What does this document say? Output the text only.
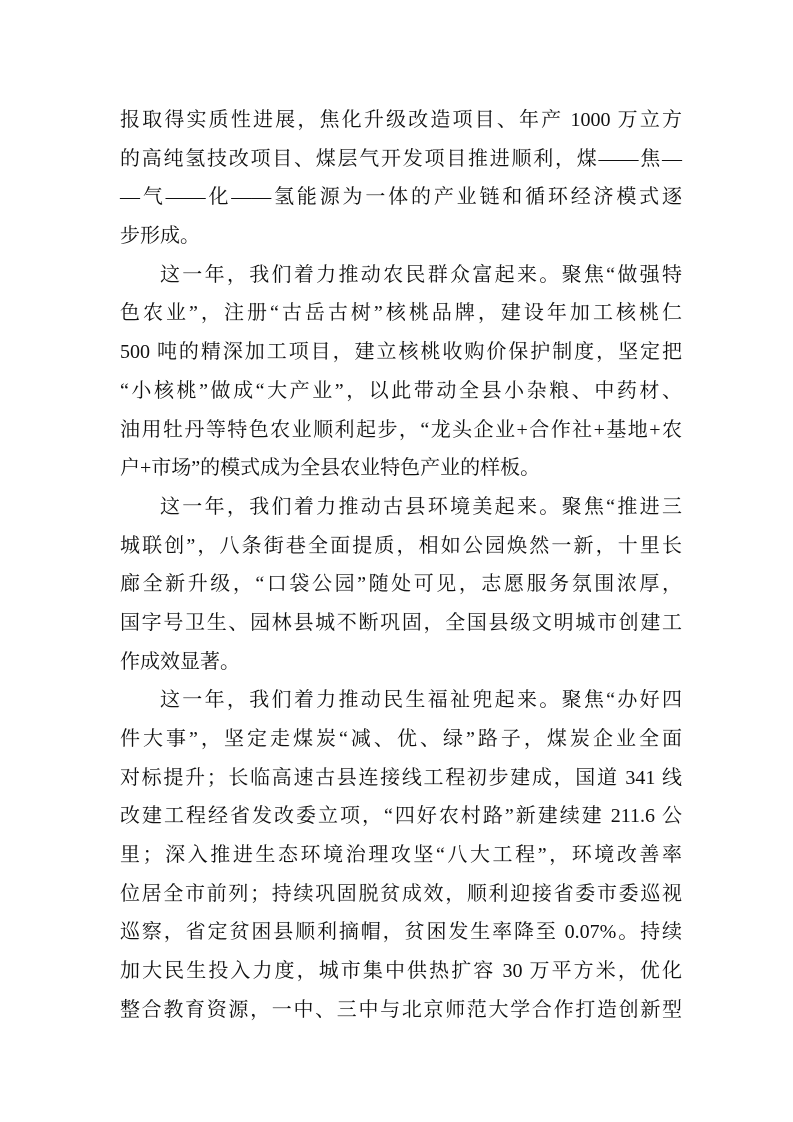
报取得实质性进展，焦化升级改造项目、年产 1000 万立方
的高纯氢技改项目、煤层气开发项目推进顺利，煤——焦—
—气——化——氢能源为一体的产业链和循环经济模式逐
步形成。
这一年，我们着力推动农民群众富起来。聚焦“做强特
色农业”，注册“古岳古树”核桃品牌，建设年加工核桃仁
500 吨的精深加工项目，建立核桃收购价保护制度，坚定把
“小核桃”做成“大产业”，以此带动全县小杂粮、中药材、
油用牡丹等特色农业顺利起步，“龙头企业+合作社+基地+农
户+市场”的模式成为全县农业特色产业的样板。
这一年，我们着力推动古县环境美起来。聚焦“推进三
城联创”，八条街巷全面提质，相如公园焕然一新，十里长
廊全新升级，“口袋公园”随处可见，志愿服务氛围浓厚，
国字号卫生、园林县城不断巩固，全国县级文明城市创建工
作成效显著。
这一年，我们着力推动民生福祉兜起来。聚焦“办好四
件大事”，坚定走煤炭“减、优、绿”路子，煤炭企业全面
对标提升；长临高速古县连接线工程初步建成，国道 341 线
改建工程经省发改委立项，“四好农村路”新建续建 211.6 公
里；深入推进生态环境治理攻坚“八大工程”，环境改善率
位居全市前列；持续巩固脱贫成效，顺利迎接省委市委巡视
巡察，省定贫困县顺利摘帽，贫困发生率降至 0.07%。持续
加大民生投入力度，城市集中供热扩容 30 万平方米，优化
整合教育资源，一中、三中与北京师范大学合作打造创新型
